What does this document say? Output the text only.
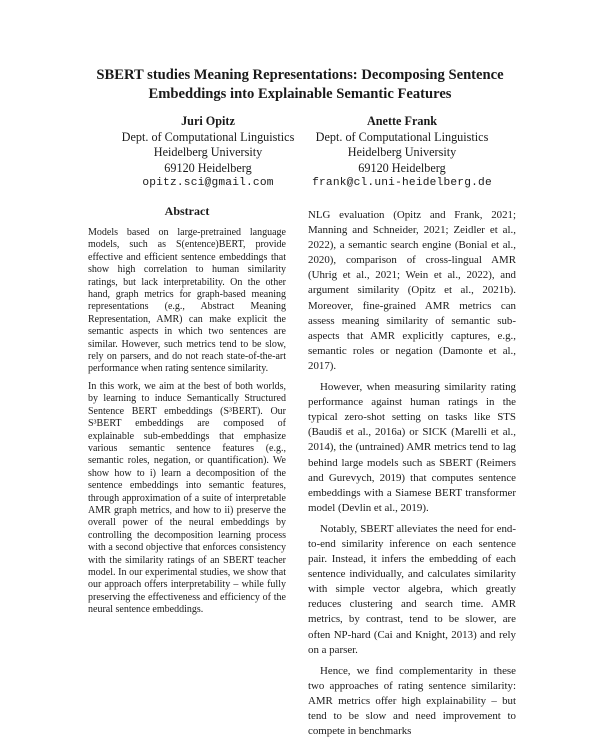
SBERT studies Meaning Representations: Decomposing Sentence
Embeddings into Explainable Semantic Features
Juri Opitz
Dept. of Computational Linguistics
Heidelberg University
69120 Heidelberg
opitz.sci@gmail.com
Anette Frank
Dept. of Computational Linguistics
Heidelberg University
69120 Heidelberg
frank@cl.uni-heidelberg.de
Abstract

Models based on large-pretrained language models, such as S(entence)BERT, provide effective and efficient sentence embeddings that show high correlation to human similarity ratings, but lack interpretability. On the other hand, graph metrics for graph-based meaning representations (e.g., Abstract Meaning Representation, AMR) can make explicit the semantic aspects in which two sentences are similar. However, such metrics tend to be slow, rely on parsers, and do not reach state-of-the-art performance when rating sentence similarity.

In this work, we aim at the best of both worlds, by learning to induce Semantically Structured Sentence BERT embeddings (S³BERT). Our S³BERT embeddings are composed of explainable sub-embeddings that emphasize various semantic sentence features (e.g., semantic roles, negation, or quantification). We show how to i) learn a decomposition of the sentence embeddings into semantic features, through approximation of a suite of interpretable AMR graph metrics, and how to ii) preserve the overall power of the neural embeddings by controlling the decomposition learning process with a second objective that enforces consistency with the similarity ratings of an SBERT teacher model. In our experimental studies, we show that our approach offers interpretability – while fully preserving the effectiveness and efficiency of the neural sentence embeddings.

NLG evaluation (Opitz and Frank, 2021; Manning and Schneider, 2021; Zeidler et al., 2022), a semantic search engine (Bonial et al., 2020), comparison of cross-lingual AMR (Uhrig et al., 2021; Wein et al., 2022), and argument similarity (Opitz et al., 2021b). Moreover, fine-grained AMR metrics can assess meaning similarity of semantic sub-aspects that AMR explicitly captures, e.g., semantic roles or negation (Damonte et al., 2017).

However, when measuring similarity rating performance against human ratings in the typical zero-shot setting on tasks like STS (Baudiš et al., 2016a) or SICK (Marelli et al., 2014), the (untrained) AMR metrics tend to lag behind large models such as SBERT (Reimers and Gurevych, 2019) that computes sentence embeddings with a Siamese BERT transformer model (Devlin et al., 2019).

Notably, SBERT alleviates the need for end-to-end similarity inference on each sentence pair. Instead, it infers the embedding of each sentence individually, and calculates similarity with simple vector algebra, which greatly reduces clustering and search time. AMR metrics, by contrast, tend to be slower, are often NP-hard (Cai and Knight, 2013) and rely on a parser.

Hence, we find complementarity in these two approaches of rating sentence similarity: AMR metrics offer high explainability – but tend to be slow and need improvement to compete in benchmarks
